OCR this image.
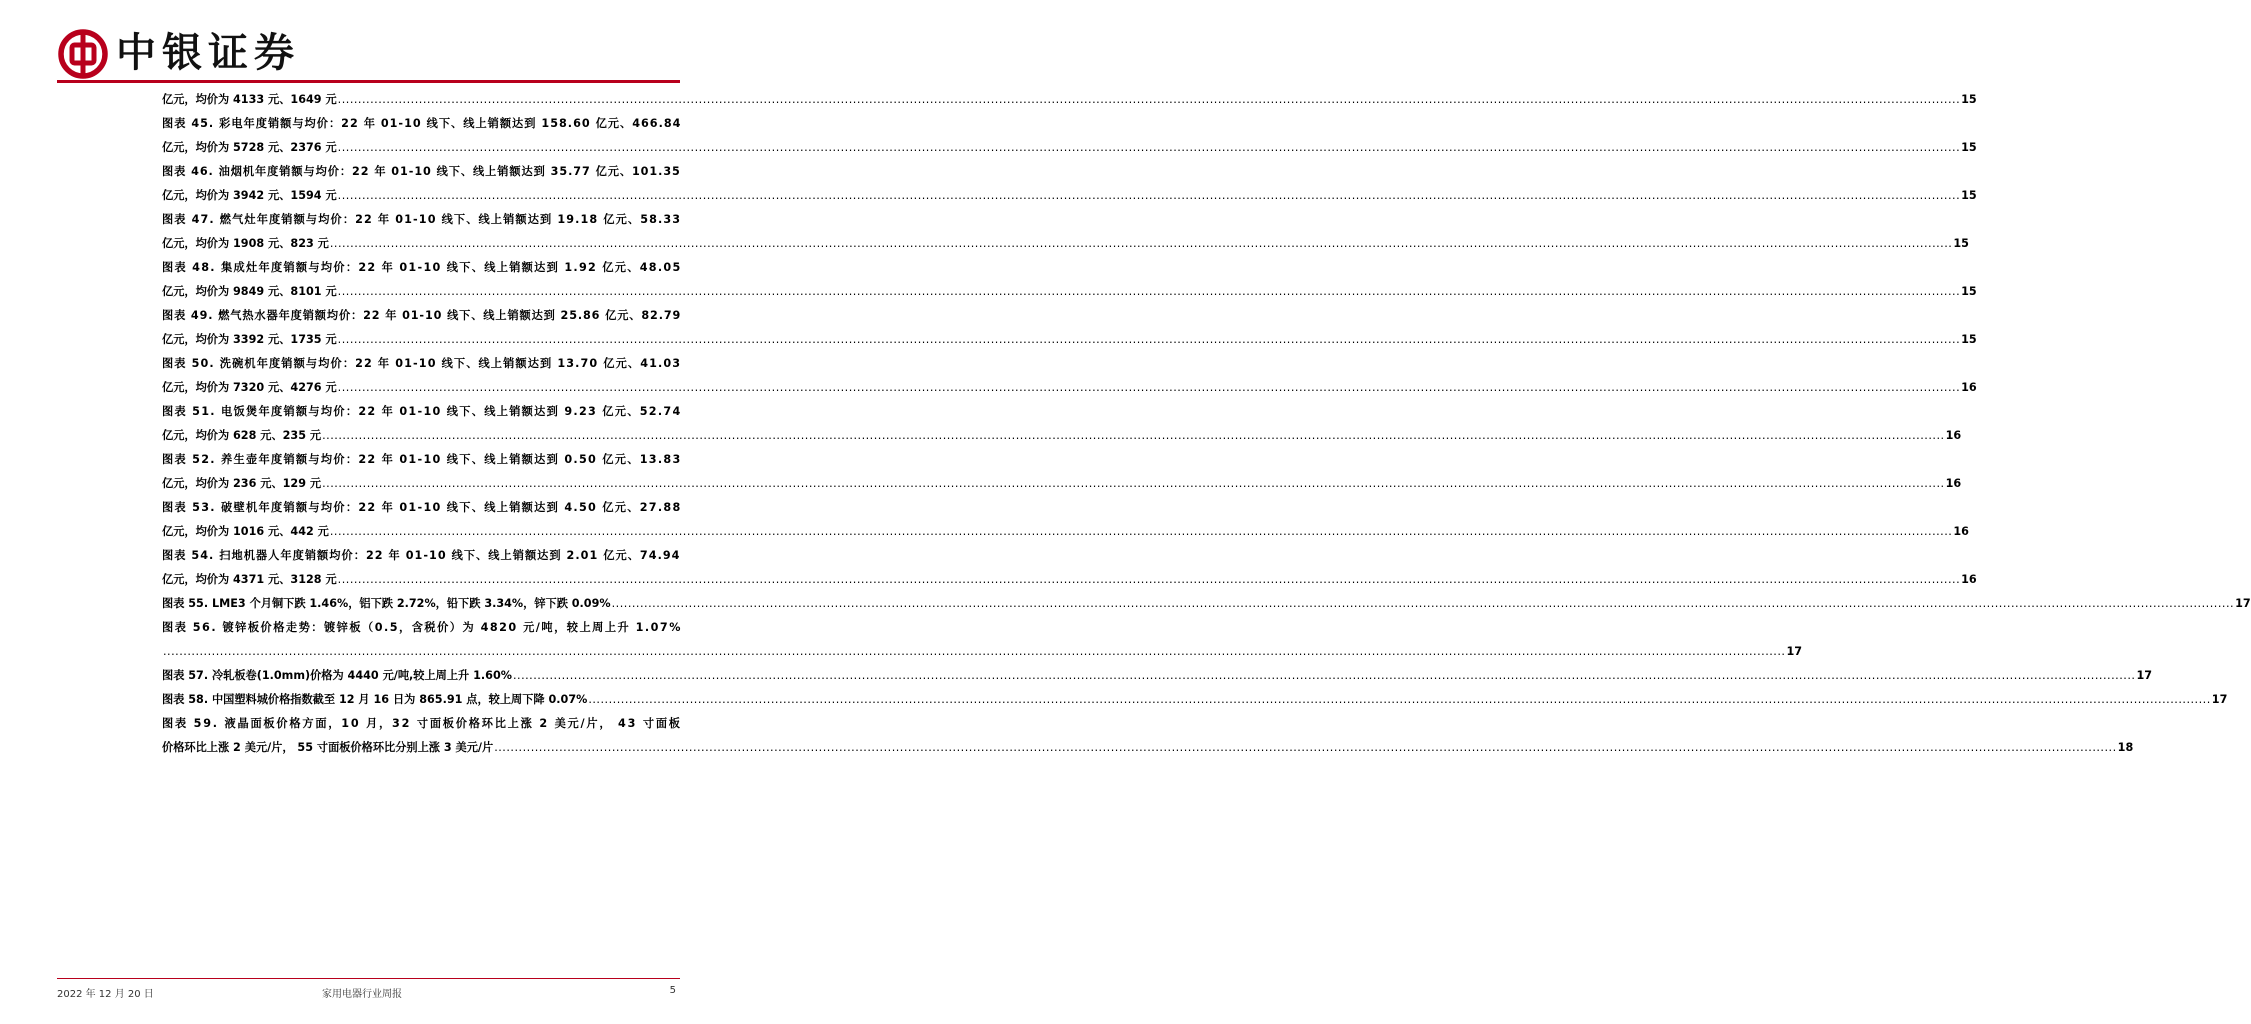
中银证券
亿元，均价为 4133 元、1649 元 ................................................................................................................................................................................................................................................................................................................................................................................................................ 15
图表 45. 彩电年度销额与均价：22 年 01-10 线下、线上销额达到 158.60 亿元、466.84
亿元，均价为 5728 元、2376 元 ................................................................................................................................................................................................................................................................................................................................................................................................................ 15
图表 46. 油烟机年度销额与均价：22 年 01-10 线下、线上销额达到 35.77 亿元、101.35
亿元，均价为 3942 元、1594 元 ................................................................................................................................................................................................................................................................................................................................................................................................................ 15
图表 47. 燃气灶年度销额与均价：22 年 01-10 线下、线上销额达到 19.18 亿元、58.33
亿元，均价为 1908 元、823 元 ................................................................................................................................................................................................................................................................................................................................................................................................................ 15
图表 48. 集成灶年度销额与均价：22 年 01-10 线下、线上销额达到 1.92 亿元、48.05
亿元，均价为 9849 元、8101 元 ................................................................................................................................................................................................................................................................................................................................................................................................................ 15
图表 49. 燃气热水器年度销额均价：22 年 01-10 线下、线上销额达到 25.86 亿元、82.79
亿元，均价为 3392 元、1735 元 ................................................................................................................................................................................................................................................................................................................................................................................................................ 15
图表 50. 洗碗机年度销额与均价：22 年 01-10 线下、线上销额达到 13.70 亿元、41.03
亿元，均价为 7320 元、4276 元 ................................................................................................................................................................................................................................................................................................................................................................................................................ 16
图表 51. 电饭煲年度销额与均价：22 年 01-10 线下、线上销额达到 9.23 亿元、52.74
亿元，均价为 628 元、235 元 ................................................................................................................................................................................................................................................................................................................................................................................................................ 16
图表 52. 养生壶年度销额与均价：22 年 01-10 线下、线上销额达到 0.50 亿元、13.83
亿元，均价为 236 元、129 元 ................................................................................................................................................................................................................................................................................................................................................................................................................ 16
图表 53. 破壁机年度销额与均价：22 年 01-10 线下、线上销额达到 4.50 亿元、27.88
亿元，均价为 1016 元、442 元 ................................................................................................................................................................................................................................................................................................................................................................................................................ 16
图表 54. 扫地机器人年度销额均价：22 年 01-10 线下、线上销额达到 2.01 亿元、74.94
亿元，均价为 4371 元、3128 元 ................................................................................................................................................................................................................................................................................................................................................................................................................ 16
图表 55. LME3 个月铜下跌 1.46%，铝下跌 2.72%，铅下跌 3.34%，锌下跌 0.09% ................................................................................................................................................................................................................................................................................................................................................................................................................ 17
图表 56. 镀锌板价格走势：镀锌板（0.5，含税价）为 4820 元/吨，较上周上升 1.07%
................................................................................................................................................................................................................................................................................................................................................................................................................ 17
图表 57. 冷轧板卷(1.0mm)价格为 4440 元/吨,较上周上升 1.60% ................................................................................................................................................................................................................................................................................................................................................................................................................ 17
图表 58. 中国塑料城价格指数截至 12 月 16 日为 865.91 点，较上周下降 0.07% ................................................................................................................................................................................................................................................................................................................................................................................................................ 17
图表 59. 液晶面板价格方面，10 月，32 寸面板价格环比上涨 2 美元/片， 43 寸面板
价格环比上涨 2 美元/片， 55 寸面板价格环比分别上涨 3 美元/片 ................................................................................................................................................................................................................................................................................................................................................................................................................ 18
2022 年 12 月 20 日	家用电器行业周报	5
